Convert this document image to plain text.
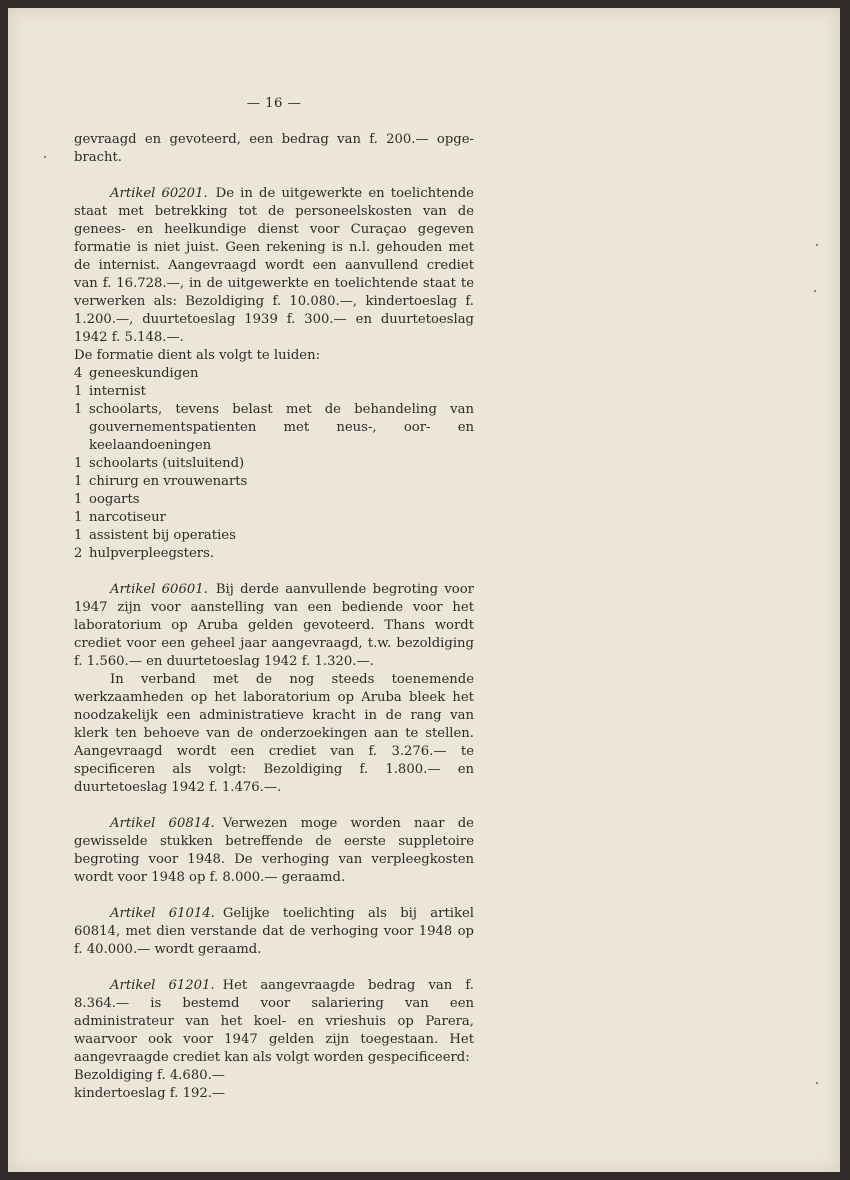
— 16 —

gevraagd en gevoteerd, een bedrag van f. 200.— opge-bracht.

Artikel 60201. De in de uitgewerkte en toelichtende staat met betrekking tot de personeelskosten van de genees- en heelkundige dienst voor Curaçao gegeven formatie is niet juist. Geen rekening is n.l. gehouden met de internist. Aangevraagd wordt een aanvullend crediet van f. 16.728.—, in de uitgewerkte en toelichtende staat te verwerken als: Bezoldiging f. 10.080.—, kindertoeslag f. 1.200.—, duurtetoeslag 1939 f. 300.— en duurtetoeslag 1942 f. 5.148.—.

De formatie dient als volgt te luiden:

4 geneeskundigen
1 internist
1 schoolarts, tevens belast met de behandeling van gouvernementspatienten met neus-, oor- en keelaandoeningen
1 schoolarts (uitsluitend)
1 chirurg en vrouwenarts
1 oogarts
1 narcotiseur
1 assistent bij operaties
2 hulpverpleegsters.

Artikel 60601. Bij derde aanvullende begroting voor 1947 zijn voor aanstelling van een bediende voor het laboratorium op Aruba gelden gevoteerd. Thans wordt crediet voor een geheel jaar aangevraagd, t.w. bezoldiging f. 1.560.— en duurtetoeslag 1942 f. 1.320.—.

In verband met de nog steeds toenemende werkzaamheden op het laboratorium op Aruba bleek het noodzakelijk een administratieve kracht in de rang van klerk ten behoeve van de onderzoekingen aan te stellen. Aangevraagd wordt een crediet van f. 3.276.— te specificeren als volgt: Bezoldiging f. 1.800.— en duurtetoeslag 1942 f. 1.476.—.

Artikel 60814. Verwezen moge worden naar de gewisselde stukken betreffende de eerste suppletoire begroting voor 1948. De verhoging van verpleegkosten wordt voor 1948 op f. 8.000.— geraamd.

Artikel 61014. Gelijke toelichting als bij artikel 60814, met dien verstande dat de verhoging voor 1948 op f. 40.000.— wordt geraamd.

Artikel 61201. Het aangevraagde bedrag van f. 8.364.— is bestemd voor salariering van een administrateur van het koel- en vrieshuis op Parera, waarvoor ook voor 1947 gelden zijn toegestaan. Het aangevraagde crediet kan als volgt worden gespecificeerd:

Bezoldiging f. 4.680.—

kindertoeslag f. 192.—
